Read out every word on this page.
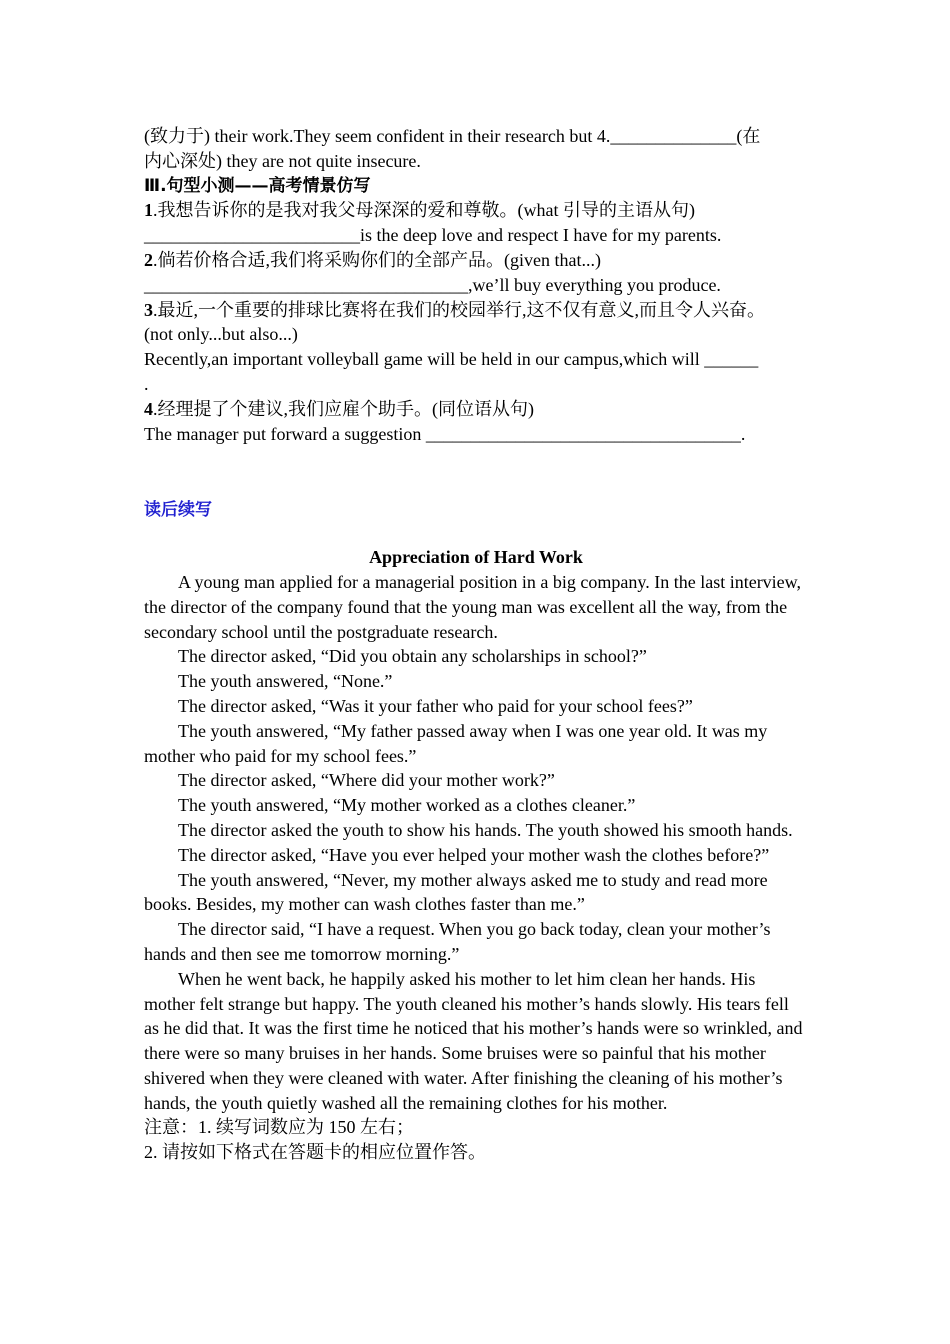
(致力于) their work.They seem confident in their research but 4.______________(在
内心深处) they are not quite insecure.
Ⅲ.句型小测——高考情景仿写
1.我想告诉你的是我对我父母深深的爱和尊敬。(what 引导的主语从句)
________________________is the deep love and respect I have for my parents.
2.倘若价格合适,我们将采购你们的全部产品。(given that...)
____________________________________,we’ll buy everything you produce.
3.最近,一个重要的排球比赛将在我们的校园举行,这不仅有意义,而且令人兴奋。
(not only...but also...)
Recently,an important volleyball game will be held in our campus,which will ______
.
4.经理提了个建议,我们应雇个助手。(同位语从句)
The manager put forward a suggestion ___________________________________.
读后续写
Appreciation of Hard Work
A young man applied for a managerial position in a big company. In the last interview, the director of the company found that the young man was excellent all the way, from the secondary school until the postgraduate research.
The director asked, “Did you obtain any scholarships in school?”
The youth answered, “None.”
The director asked, “Was it your father who paid for your school fees?”
The youth answered, “My father passed away when I was one year old. It was my mother who paid for my school fees.”
The director asked, “Where did your mother work?”
The youth answered, “My mother worked as a clothes cleaner.”
The director asked the youth to show his hands. The youth showed his smooth hands.
The director asked, “Have you ever helped your mother wash the clothes before?”
The youth answered, “Never, my mother always asked me to study and read more books. Besides, my mother can wash clothes faster than me.”
The director said, “I have a request. When you go back today, clean your mother’s hands and then see me tomorrow morning.”
When he went back, he happily asked his mother to let him clean her hands. His mother felt strange but happy. The youth cleaned his mother’s hands slowly. His tears fell as he did that. It was the first time he noticed that his mother’s hands were so wrinkled, and there were so many bruises in her hands. Some bruises were so painful that his mother shivered when they were cleaned with water. After finishing the cleaning of his mother’s hands, the youth quietly washed all the remaining clothes for his mother.
注意：1. 续写词数应为 150 左右；
2. 请按如下格式在答题卡的相应位置作答。
